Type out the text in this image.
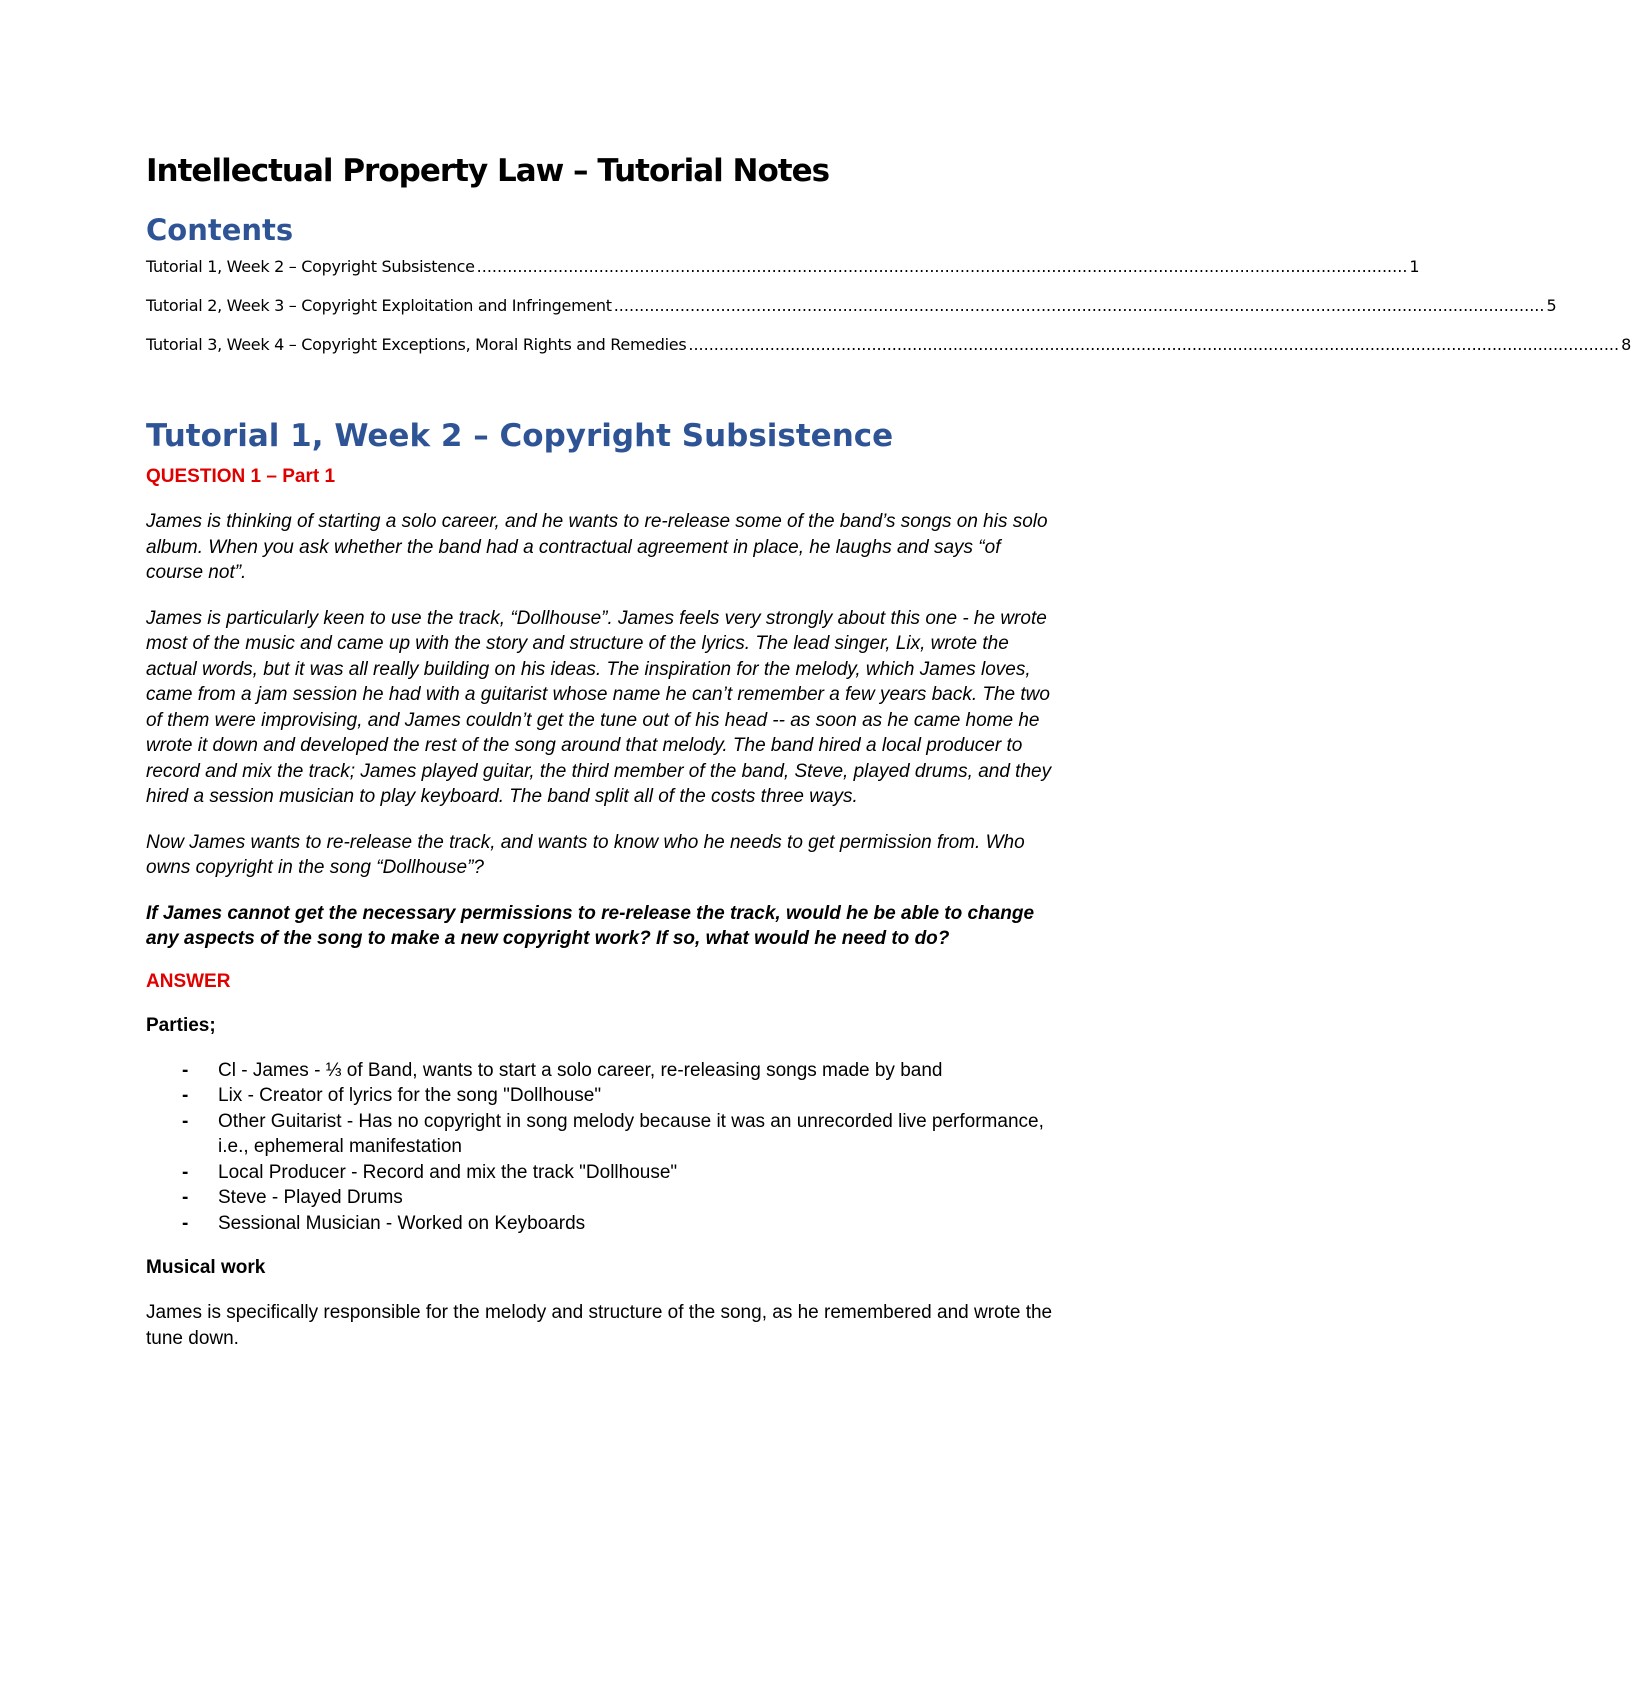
Intellectual Property Law – Tutorial Notes
Contents
Tutorial 1, Week 2 – Copyright Subsistence ....................................................................................................................................................................................... 1
Tutorial 2, Week 3 – Copyright Exploitation and Infringement ....................................................................................................................................................................................... 5
Tutorial 3, Week 4 – Copyright Exceptions, Moral Rights and Remedies ....................................................................................................................................................................................... 8
Tutorial 1, Week 2 – Copyright Subsistence
QUESTION 1 – Part 1

James is thinking of starting a solo career, and he wants to re-release some of the band’s songs on his solo album. When you ask whether the band had a contractual agreement in place, he laughs and says “of course not”.

James is particularly keen to use the track, “Dollhouse”. James feels very strongly about this one - he wrote most of the music and came up with the story and structure of the lyrics. The lead singer, Lix, wrote the actual words, but it was all really building on his ideas. The inspiration for the melody, which James loves, came from a jam session he had with a guitarist whose name he can’t remember a few years back. The two of them were improvising, and James couldn’t get the tune out of his head -- as soon as he came home he wrote it down and developed the rest of the song around that melody. The band hired a local producer to record and mix the track; James played guitar, the third member of the band, Steve, played drums, and they hired a session musician to play keyboard. The band split all of the costs three ways.

Now James wants to re-release the track, and wants to know who he needs to get permission from. Who owns copyright in the song “Dollhouse”?

If James cannot get the necessary permissions to re-release the track, would he be able to change any aspects of the song to make a new copyright work? If so, what would he need to do?

ANSWER
Parties;
- Cl - James - ⅓ of Band, wants to start a solo career, re-releasing songs made by band
- Lix - Creator of lyrics for the song "Dollhouse"
- Other Guitarist - Has no copyright in song melody because it was an unrecorded live performance, i.e., ephemeral manifestation
- Local Producer - Record and mix the track "Dollhouse"
- Steve - Played Drums
- Sessional Musician - Worked on Keyboards
Musical work

James is specifically responsible for the melody and structure of the song, as he remembered and wrote the tune down.
